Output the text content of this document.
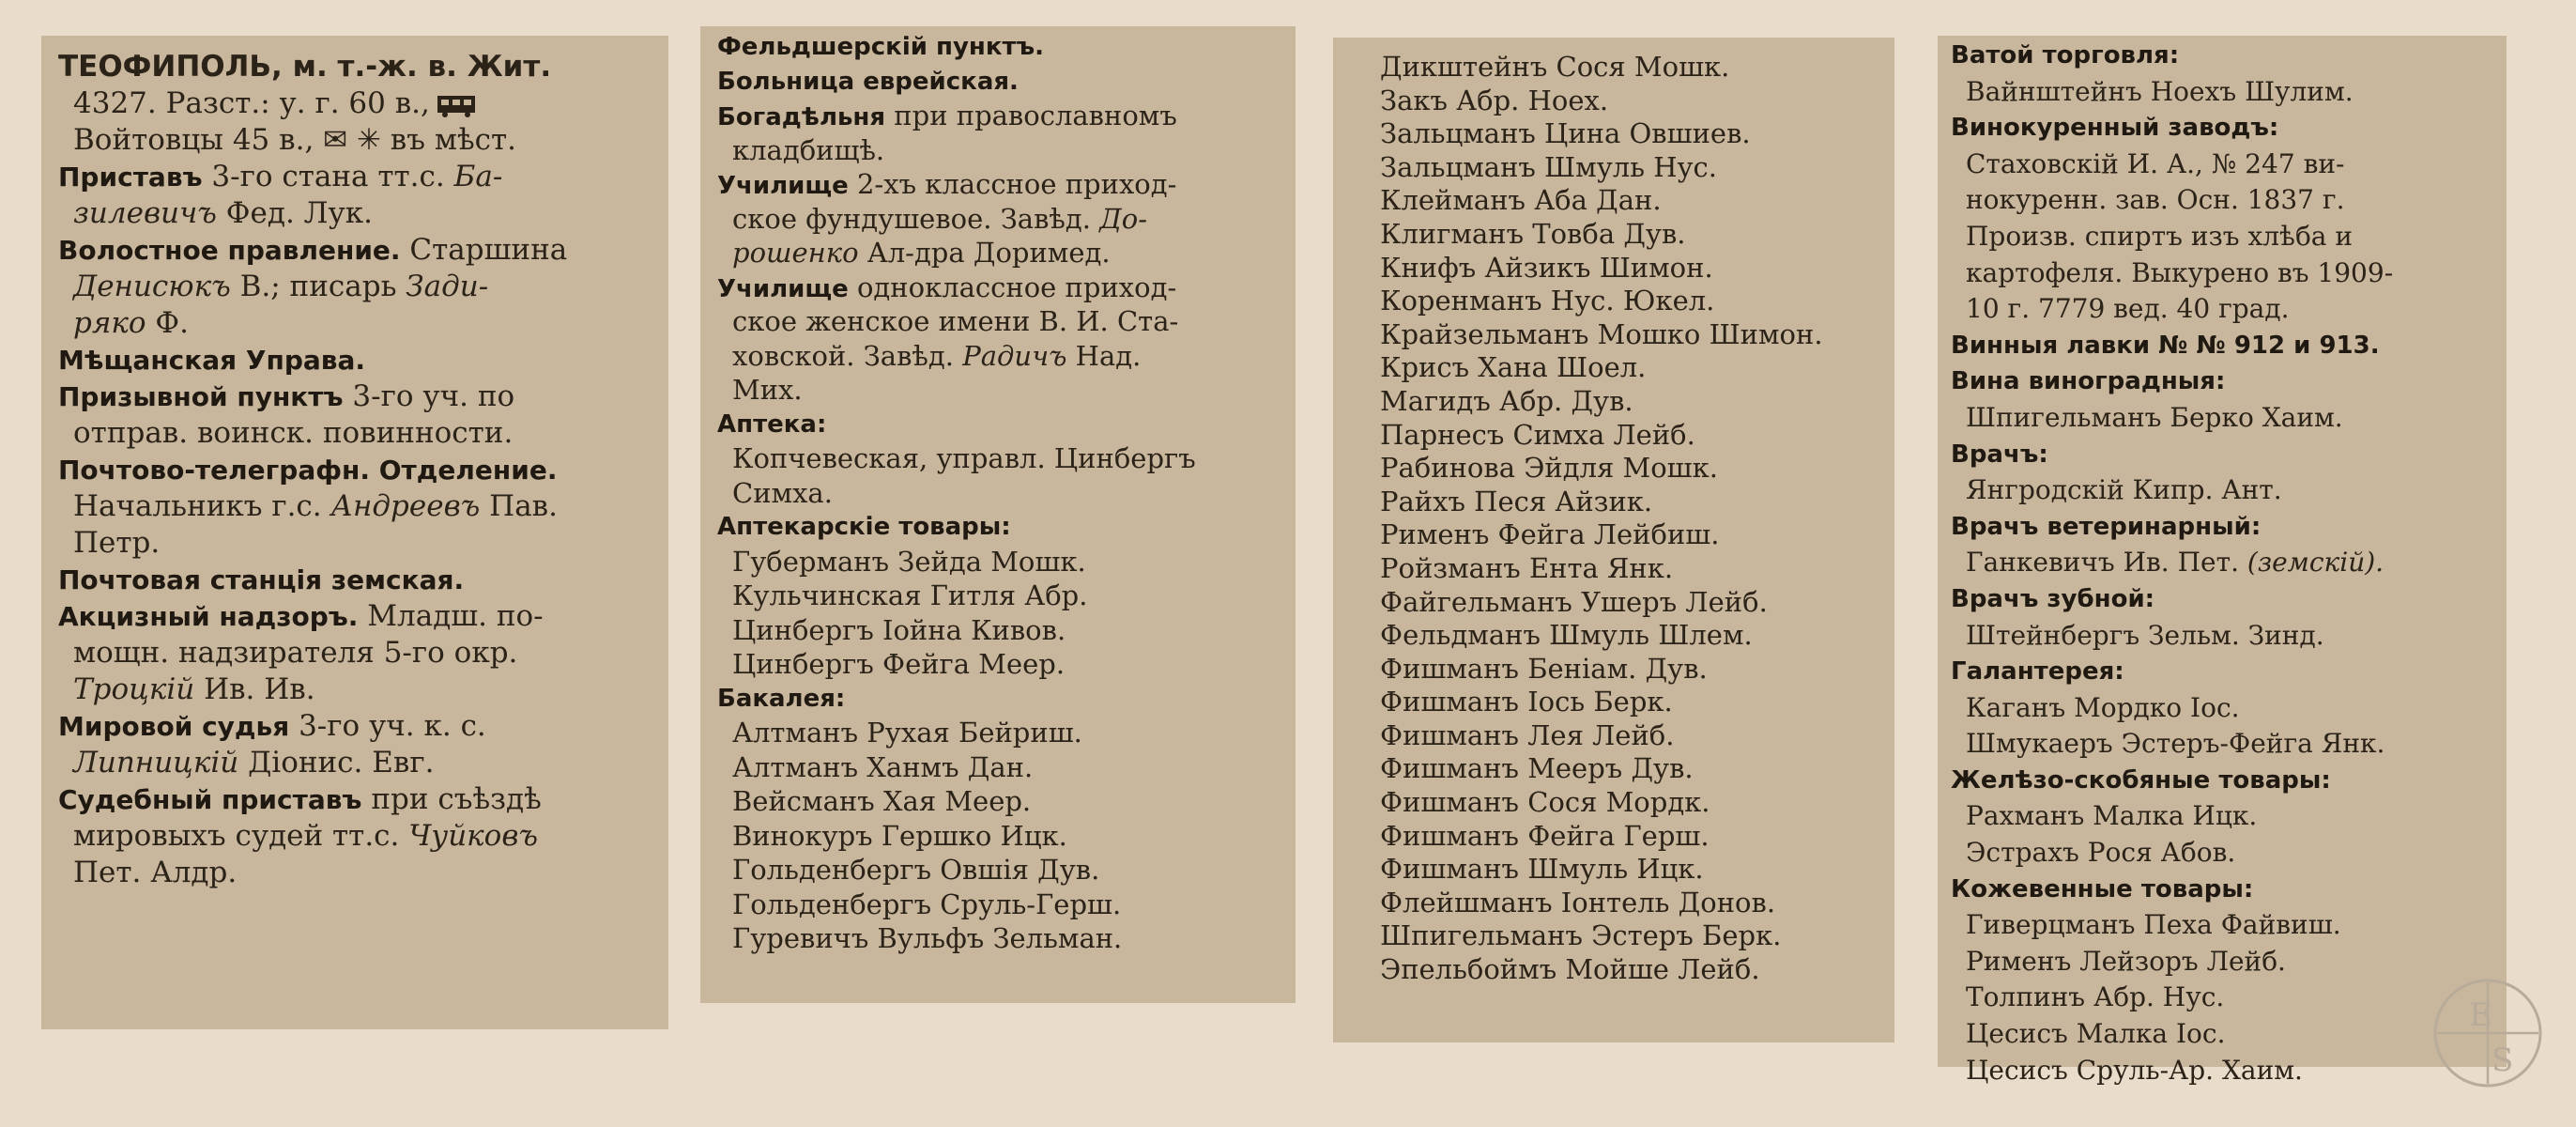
ТЕОФИПОЛЬ, м. т.-ж. в. Жит.
4327. Разст.: у. г. 60 в.,
Войтовцы 45 в., ✉ ✳ въ мѣст.
Приставъ 3-го стана тт.с. Ба-
зилевичъ Фед. Лук.
Волостное правление. Старшина
Денисюкъ В.; писарь Зади-
ряко Ф.
Мѣщанская Управа.
Призывной пунктъ 3-го уч. по
отправ. воинск. повинности.
Почтово-телеграфн. Отделение.
Начальникъ г.с. Андреевъ Пав.
Петр.
Почтовая станція земская.
Акцизный надзоръ. Младш. по-
мощн. надзирателя 5-го окр.
Троцкій Ив. Ив.
Мировой судья 3-го уч. к. с.
Липницкій Діонис. Евг.
Судебный приставъ при съѣздѣ
мировыхъ судей тт.с. Чуйковъ
Пет. Алдр.
Фельдшерскій пунктъ.
Больница еврейская.
Богадѣльня при православномъ
кладбищѣ.
Училище 2-хъ классное приход-
ское фундушевое. Завѣд. До-
рошенко Ал-дра Доримед.
Училище одноклассное приход-
ское женское имени В. И. Ста-
ховской. Завѣд. Радичъ Над.
Мих.
Аптека:
Копчевеская, управл. Цинбергъ
Симха.
Аптекарскіе товары:
Губерманъ Зейда Мошк.
Кульчинская Гитля Абр.
Цинбергъ Іойна Кивов.
Цинбергъ Фейга Меер.
Бакалея:
Алтманъ Рухая Бейриш.
Алтманъ Ханмъ Дан.
Вейсманъ Хая Меер.
Винокуръ Гершко Ицк.
Гольденбергъ Овшія Дув.
Гольденбергъ Сруль-Герш.
Гуревичъ Вульфъ Зельман.
Дикштейнъ Сося Мошк.
Закъ Абр. Ноех.
Зальцманъ Цина Овшиев.
Зальцманъ Шмуль Нус.
Клейманъ Аба Дан.
Клигманъ Товба Дув.
Книфъ Айзикъ Шимон.
Коренманъ Нус. Юкел.
Крайзельманъ Мошко Шимон.
Крисъ Хана Шоел.
Магидъ Абр. Дув.
Парнесъ Симха Лейб.
Рабинова Эйдля Мошк.
Райхъ Песя Айзик.
Рименъ Фейга Лейбиш.
Ройзманъ Ента Янк.
Файгельманъ Ушеръ Лейб.
Фельдманъ Шмуль Шлем.
Фишманъ Беніам. Дув.
Фишманъ Іось Берк.
Фишманъ Лея Лейб.
Фишманъ Мееръ Дув.
Фишманъ Сося Мордк.
Фишманъ Фейга Герш.
Фишманъ Шмуль Ицк.
Флейшманъ Іонтель Донов.
Шпигельманъ Эстеръ Берк.
Эпельбоймъ Мойше Лейб.
Ватой торговля:
Вайнштейнъ Ноехъ Шулим.
Винокуренный заводъ:
Стаховскій И. А., № 247 ви-
нокуренн. зав. Осн. 1837 г.
Произв. спиртъ изъ хлѣба и
картофеля. Выкурено въ 1909-
10 г. 7779 вед. 40 град.
Винныя лавки № № 912 и 913.
Вина виноградныя:
Шпигельманъ Берко Хаим.
Врачъ:
Янгродскій Кипр. Ант.
Врачъ ветеринарный:
Ганкевичъ Ив. Пет. (земскій).
Врачъ зубной:
Штейнбергъ Зельм. Зинд.
Галантерея:
Каганъ Мордко Іос.
Шмукаеръ Эстеръ-Фейга Янк.
Желѣзо-скобяные товары:
Рахманъ Малка Ицк.
Эстрахъ Рося Абов.
Кожевенные товары:
Гиверцманъ Пеха Файвиш.
Рименъ Лейзоръ Лейб.
Толпинъ Абр. Нус.
Цесисъ Малка Іос.
Цесисъ Сруль-Ар. Хаим.
E
S
